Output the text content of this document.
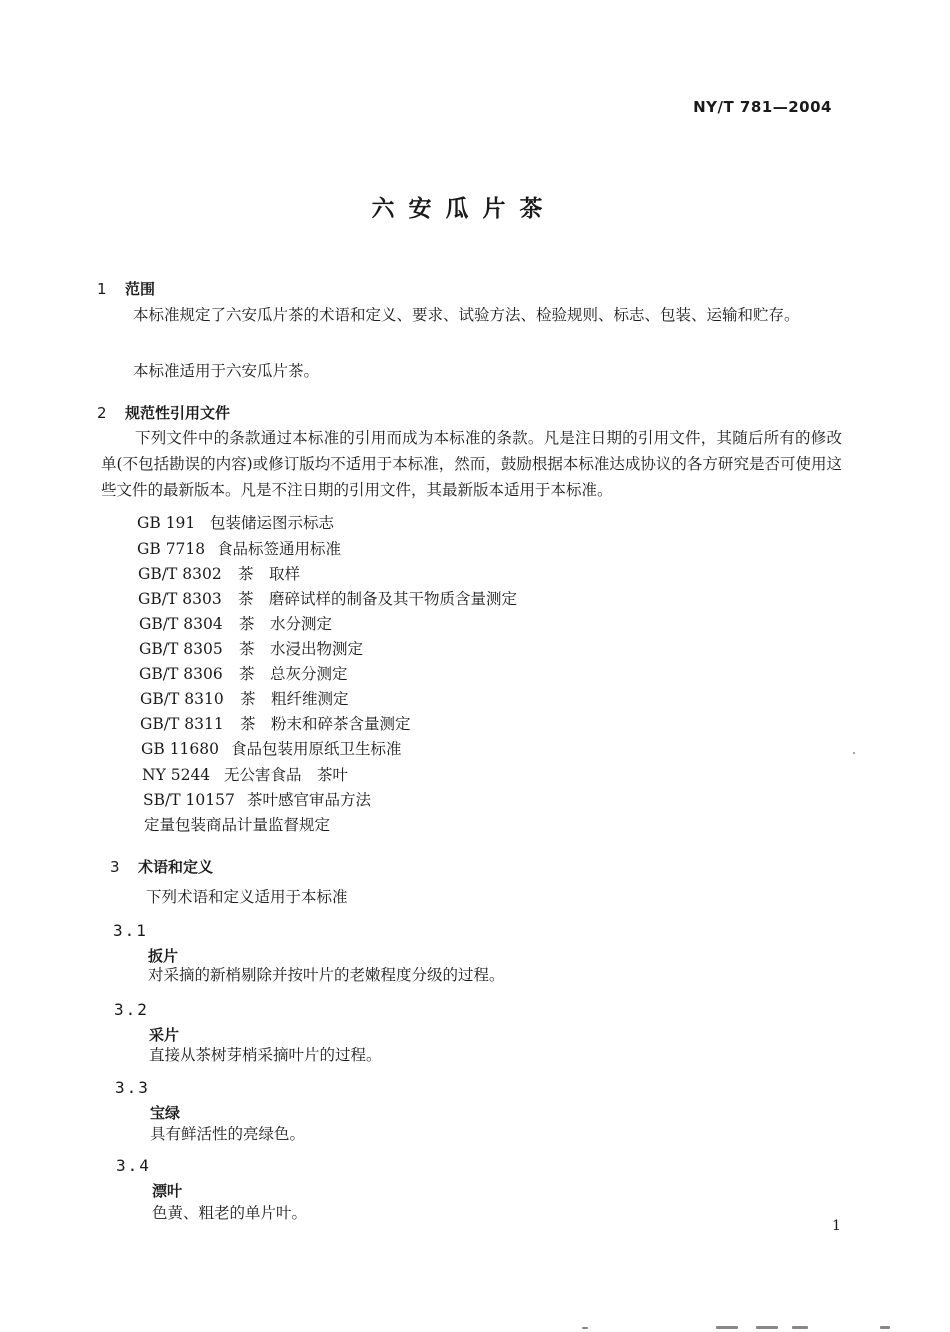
NY/T 781—2004
六安瓜片茶
1 范围
本标准规定了六安瓜片茶的术语和定义、要求、试验方法、检验规则、标志、包装、运输和贮存。
本标准适用于六安瓜片茶。
2 规范性引用文件
下列文件中的条款通过本标准的引用而成为本标准的条款。凡是注日期的引用文件，其随后所有的修改单(不包括勘误的内容)或修订版均不适用于本标准，然而，鼓励根据本标准达成协议的各方研究是否可使用这些文件的最新版本。凡是不注日期的引用文件，其最新版本适用于本标准。
GB 191 包装储运图示标志
GB 7718 食品标签通用标准
GB/T 8302 茶　取样
GB/T 8303 茶　磨碎试样的制备及其干物质含量测定
GB/T 8304 茶　水分测定
GB/T 8305 茶　水浸出物测定
GB/T 8306 茶　总灰分测定
GB/T 8310 茶　粗纤维测定
GB/T 8311 茶　粉末和碎茶含量测定
GB 11680 食品包装用原纸卫生标准
NY 5244 无公害食品　茶叶
SB/T 10157 茶叶感官审品方法
定量包装商品计量监督规定
3 术语和定义
下列术语和定义适用于本标准
3.1
扳片
对采摘的新梢剔除并按叶片的老嫩程度分级的过程。
3.2
采片
直接从茶树芽梢采摘叶片的过程。
3.3
宝绿
具有鲜活性的亮绿色。
3.4
漂叶
色黄、粗老的单片叶。
1
